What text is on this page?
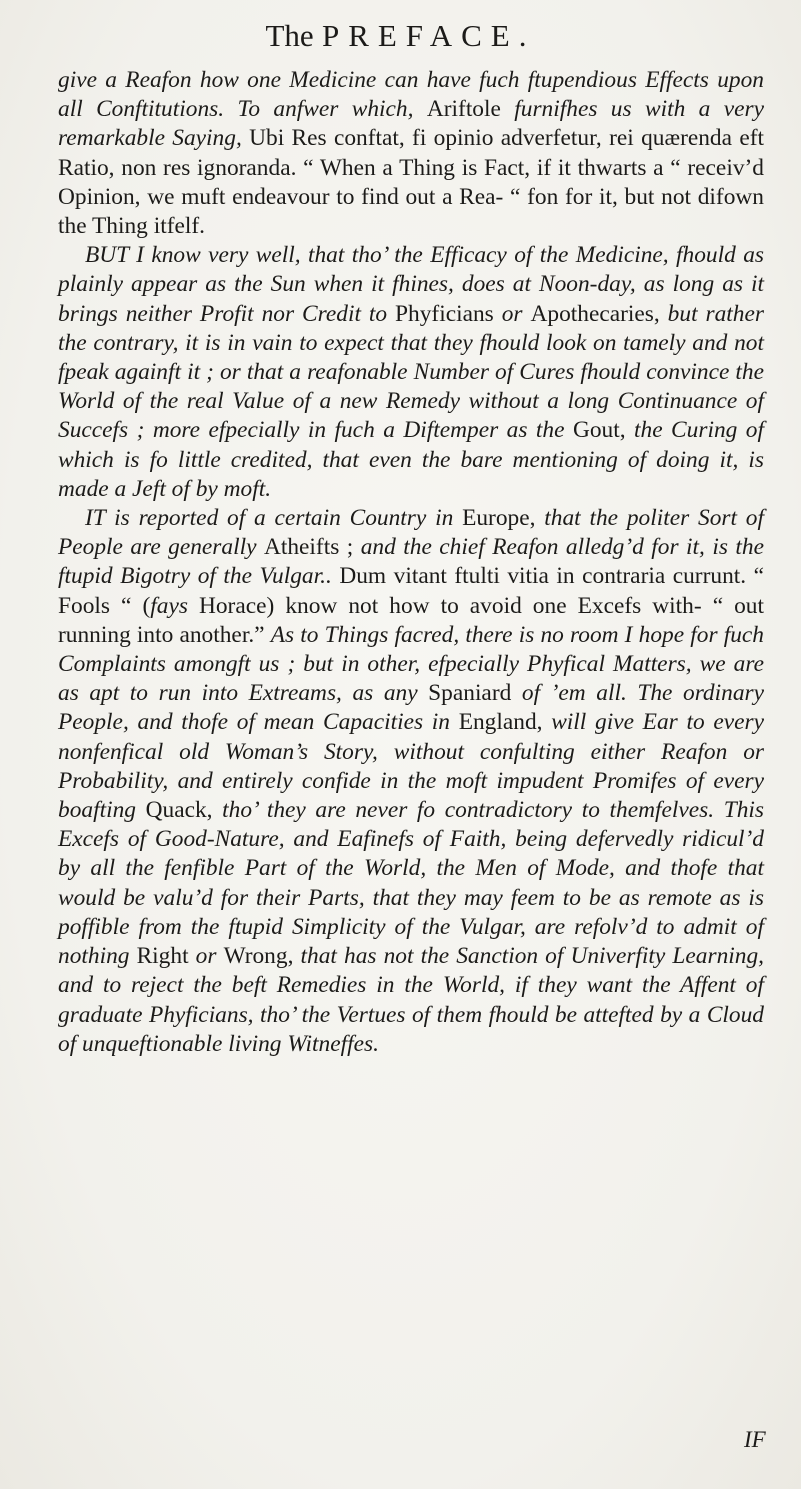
The PREFACE.

give a Reafon how one Medicine can have fuch ftupendious Effects upon all Conftitutions. To anfwer which, Ariftole furnifhes us with a very remarkable Saying, Ubi Res conftat, fi opinio adverfetur, rei quærenda eft Ratio, non res ignoranda. “ When a Thing is Fact, if it thwarts a “ receiv’d Opinion, we muft endeavour to find out a Rea- “ fon for it, but not difown the Thing itfelf.

BUT I know very well, that tho’ the Efficacy of the Medicine, fhould as plainly appear as the Sun when it fhines, does at Noon-day, as long as it brings neither Profit nor Credit to Phyficians or Apothecaries, but rather the contrary, it is in vain to expect that they fhould look on tamely and not fpeak againft it ; or that a reafonable Number of Cures fhould convince the World of the real Value of a new Remedy without a long Continuance of Succefs ; more efpecially in fuch a Diftemper as the Gout, the Curing of which is fo little credited, that even the bare mentioning of doing it, is made a Jeft of by moft.

IT is reported of a certain Country in Europe, that the politer Sort of People are generally Atheifts ; and the chief Reafon alledg’d for it, is the ftupid Bigotry of the Vulgar.. Dum vitant ftulti vitia in contraria currunt. “ Fools “ (fays Horace) know not how to avoid one Excefs with- “ out running into another.” As to Things facred, there is no room I hope for fuch Complaints amongft us ; but in other, efpecially Phyfical Matters, we are as apt to run into Extreams, as any Spaniard of ’em all. The ordinary People, and thofe of mean Capacities in England, will give Ear to every nonfenfical old Woman’s Story, without confulting either Reafon or Probability, and entirely confide in the moft impudent Promifes of every boafting Quack, tho’ they are never fo contradictory to themfelves. This Excefs of Good-Nature, and Eafinefs of Faith, being defervedly ridicul’d by all the fenfible Part of the World, the Men of Mode, and thofe that would be valu’d for their Parts, that they may feem to be as remote as is poffible from the ftupid Simplicity of the Vulgar, are refolv’d to admit of nothing Right or Wrong, that has not the Sanction of Univerfity Learning, and to reject the beft Remedies in the World, if they want the Affent of graduate Phyficians, tho’ the Vertues of them fhould be attefted by a Cloud of unqueftionable living Witneffes.

IF
